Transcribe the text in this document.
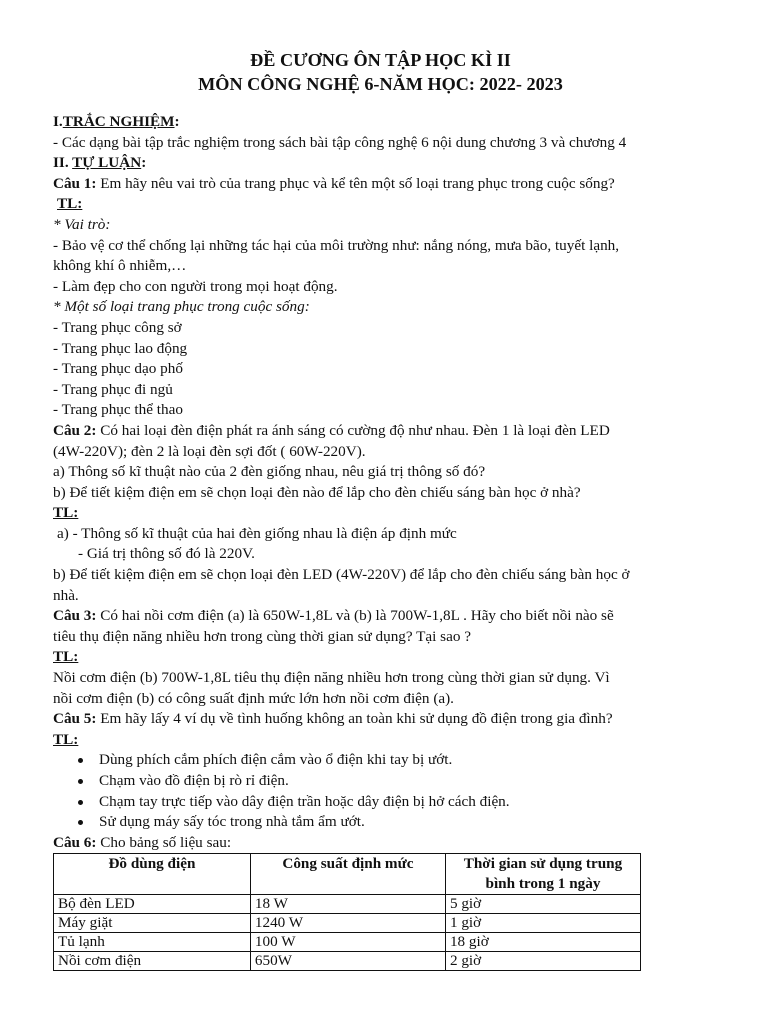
ĐỀ CƯƠNG ÔN TẬP HỌC KÌ II

MÔN CÔNG NGHỆ 6-NĂM HỌC: 2022- 2023

I.TRẮC NGHIỆM:

- Các dạng bài tập trắc nghiệm trong sách bài tập công nghệ 6 nội dung chương 3 và chương 4

II. TỰ LUẬN:

Câu 1: Em hãy nêu vai trò của trang phục và kể tên một số loại trang phục trong cuộc sống?

TL:

* Vai trò:

- Bảo vệ cơ thể chống lại những tác hại của môi trường như: nắng nóng, mưa bão, tuyết lạnh,

không khí ô nhiễm,…

- Làm đẹp cho con người trong mọi hoạt động.

* Một số loại trang phục trong cuộc sống:

- Trang phục công sở

- Trang phục lao động

- Trang phục dạo phố

- Trang phục đi ngủ

- Trang phục thể thao

Câu 2: Có hai loại đèn điện phát ra ánh sáng có cường độ như nhau. Đèn 1 là loại đèn LED

(4W-220V); đèn 2 là loại đèn sợi đốt ( 60W-220V).

a) Thông số kĩ thuật nào của 2 đèn giống nhau, nêu giá trị thông số đó?

b) Để tiết kiệm điện em sẽ chọn loại đèn nào để lắp cho đèn chiếu sáng bàn học ở nhà?

TL:

a) - Thông số kĩ thuật của hai đèn giống nhau là điện áp định mức

- Giá trị thông số đó là 220V.

b) Để tiết kiệm điện em sẽ chọn loại đèn LED (4W-220V) để lắp cho đèn chiếu sáng bàn học ở

nhà.

Câu 3: Có hai nồi cơm điện (a) là 650W-1,8L và (b) là 700W-1,8L . Hãy cho biết nồi nào sẽ

tiêu thụ điện năng nhiều hơn trong cùng thời gian sử dụng? Tại sao ?

TL:

Nồi cơm điện (b) 700W-1,8L tiêu thụ điện năng nhiều hơn trong cùng thời gian sử dụng. Vì

nồi cơm điện (b) có công suất định mức lớn hơn nồi cơm điện (a).

Câu 5: Em hãy lấy 4 ví dụ về tình huống không an toàn khi sử dụng đồ điện trong gia đình?

TL:

Dùng phích cắm phích điện cắm vào ổ điện khi tay bị ướt.
Chạm vào đồ điện bị rò rỉ điện.
Chạm tay trực tiếp vào dây điện trần hoặc dây điện bị hở cách điện.
Sử dụng máy sấy tóc trong nhà tắm ẩm ướt.

Câu 6: Cho bảng số liệu sau:

Đồ dùng điện	Công suất định mức	Thời gian sử dụng trung bình trong 1 ngày
Bộ đèn LED	18 W	5 giờ
Máy giặt	1240 W	1 giờ
Tủ lạnh	100 W	18 giờ
Nồi cơm điện	650W	2 giờ
